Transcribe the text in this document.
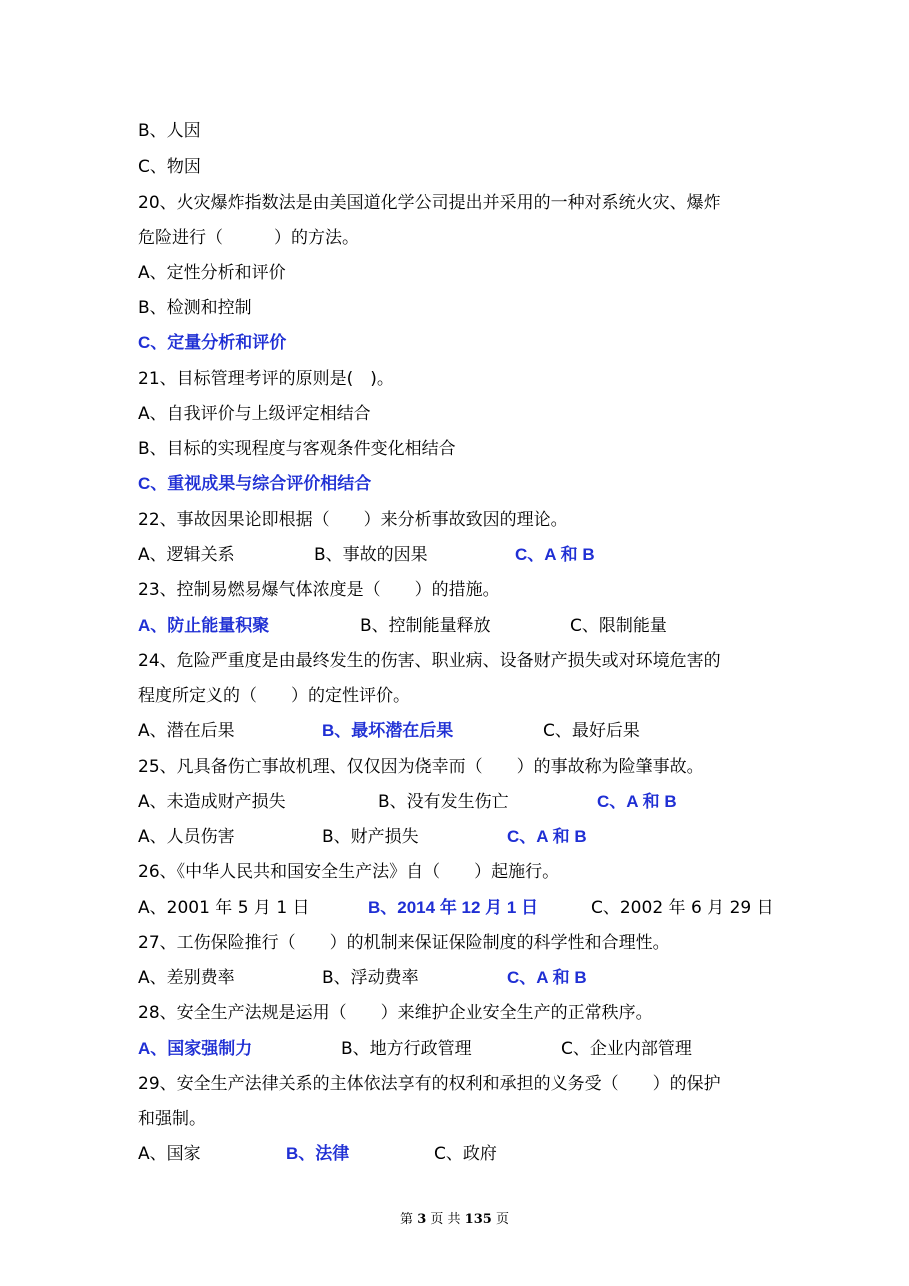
B、人因
C、物因
20、火灾爆炸指数法是由美国道化学公司提出并采用的一种对系统火灾、爆炸
危险进行（　　　）的方法。
A、定性分析和评价
B、检测和控制
C、定量分析和评价
21、目标管理考评的原则是(　)。
A、自我评价与上级评定相结合
B、目标的实现程度与客观条件变化相结合
C、重视成果与综合评价相结合
22、事故因果论即根据（　　）来分析事故致因的理论。
A、逻辑关系	B、事故的因果	C、A 和 B
23、控制易燃易爆气体浓度是（　　）的措施。
A、防止能量积聚	B、控制能量释放	C、限制能量
24、危险严重度是由最终发生的伤害、职业病、设备财产损失或对环境危害的
程度所定义的（　　）的定性评价。
A、潜在后果	B、最坏潜在后果	C、最好后果
25、凡具备伤亡事故机理、仅仅因为侥幸而（　　）的事故称为险肇事故。
A、未造成财产损失	B、没有发生伤亡	C、A 和 B
A、人员伤害	B、财产损失	C、A 和 B
26、《中华人民共和国安全生产法》自（　　）起施行。
A、2001 年 5 月 1 日	B、2014 年 12 月 1 日	C、2002 年 6 月 29 日
27、工伤保险推行（　　）的机制来保证保险制度的科学性和合理性。
A、差别费率	B、浮动费率	C、A 和 B
28、安全生产法规是运用（　　）来维护企业安全生产的正常秩序。
A、国家强制力	B、地方行政管理	C、企业内部管理
29、安全生产法律关系的主体依法享有的权利和承担的义务受（　　）的保护
和强制。
A、国家	B、法律	C、政府
第 3 页 共 135 页
